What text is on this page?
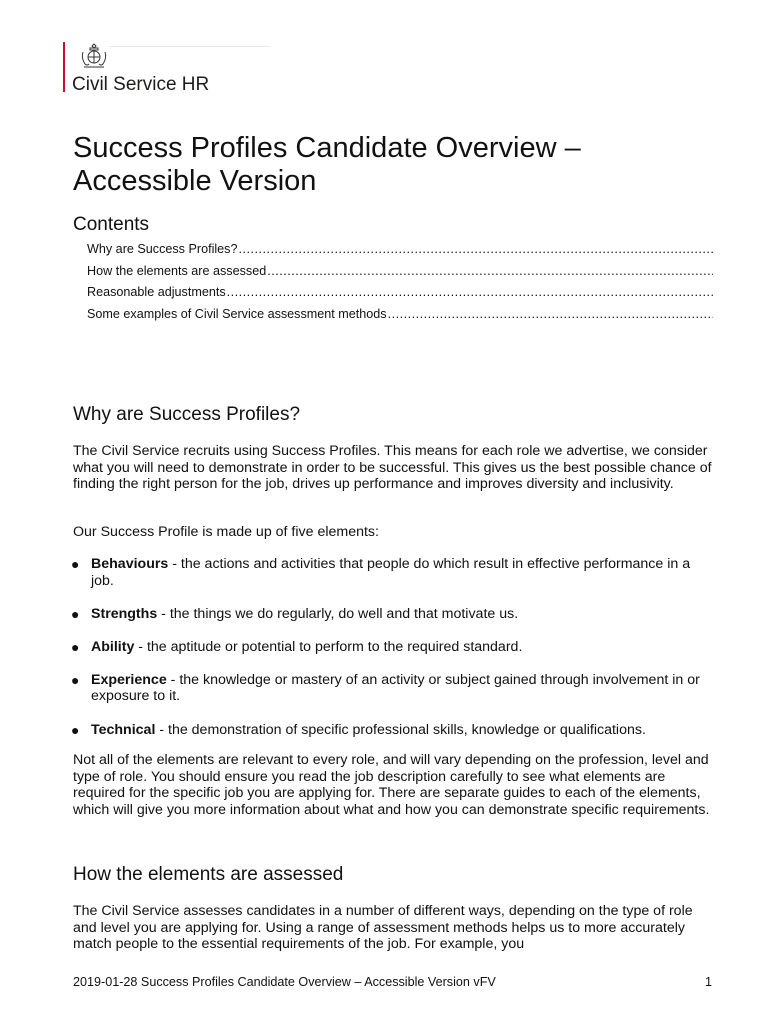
Civil Service HR
Success Profiles Candidate Overview – Accessible Version
Contents
Why are Success Profiles?
.....
How the elements are assessed
.....
Reasonable adjustments
.....
Some examples of Civil Service assessment methods
.....
Why are Success Profiles?

The Civil Service recruits using Success Profiles. This means for each role we advertise, we consider what you will need to demonstrate in order to be successful. This gives us the best possible chance of finding the right person for the job, drives up performance and improves diversity and inclusivity.

Our Success Profile is made up of five elements:

● Behaviours - the actions and activities that people do which result in effective performance in a job.
● Strengths - the things we do regularly, do well and that motivate us.
● Ability - the aptitude or potential to perform to the required standard.
● Experience - the knowledge or mastery of an activity or subject gained through involvement in or exposure to it.
● Technical - the demonstration of specific professional skills, knowledge or qualifications.

Not all of the elements are relevant to every role, and will vary depending on the profession, level and type of role. You should ensure you read the job description carefully to see what elements are required for the specific job you are applying for. There are separate guides to each of the elements, which will give you more information about what and how you can demonstrate specific requirements.

How the elements are assessed

The Civil Service assesses candidates in a number of different ways, depending on the type of role and level you are applying for. Using a range of assessment methods helps us to more accurately match people to the essential requirements of the job. For example, you

2019-01-28 Success Profiles Candidate Overview – Accessible Version vFV	1
